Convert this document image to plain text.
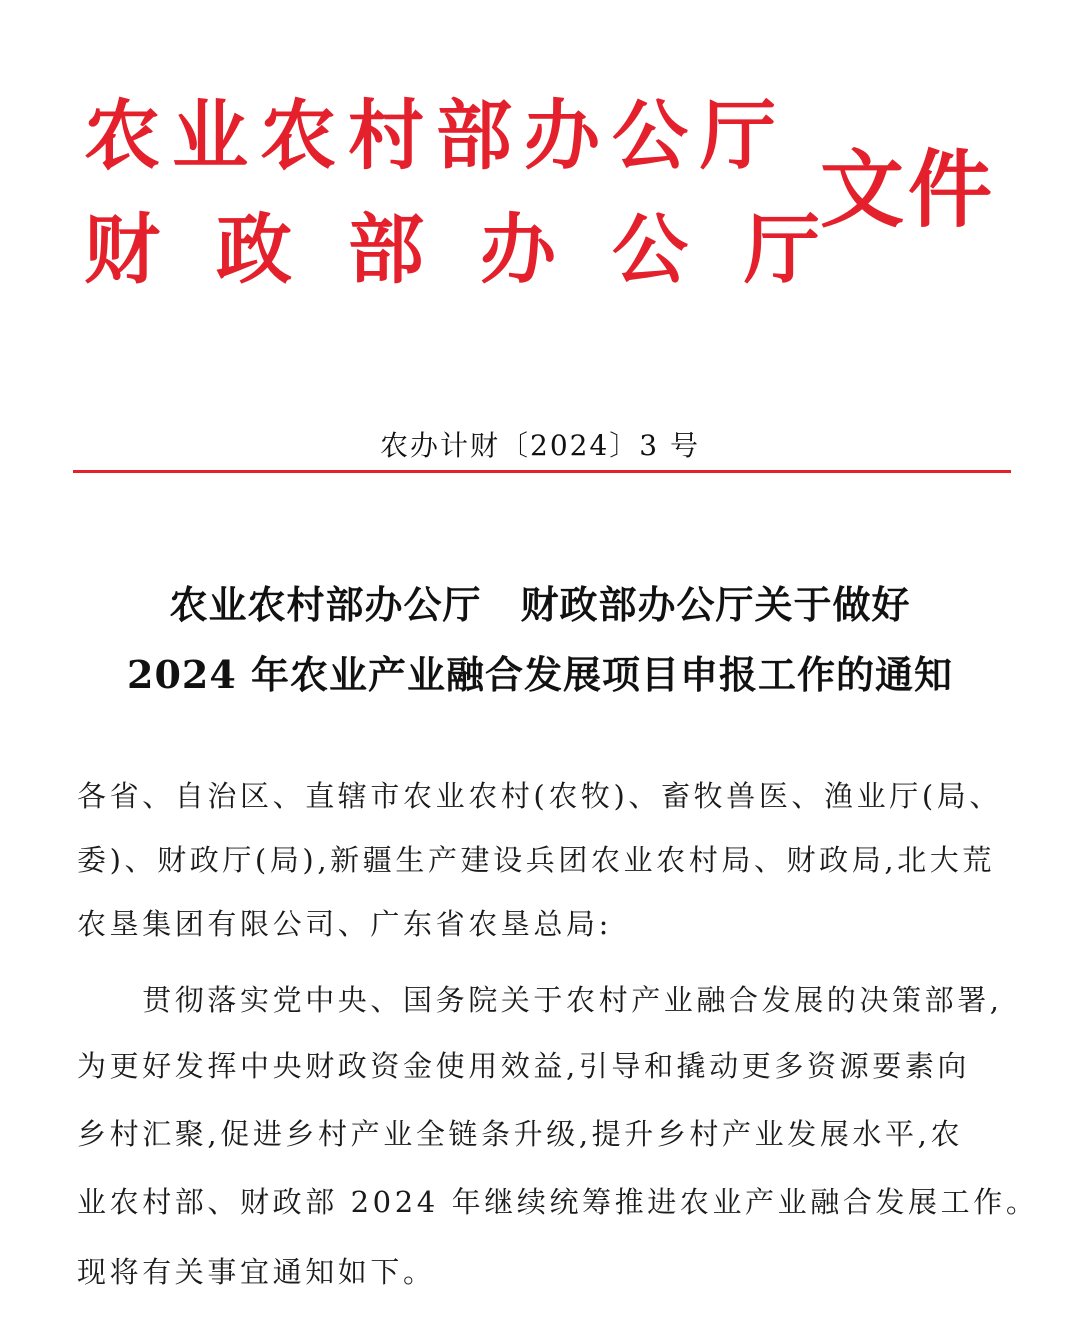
农业农村部办公厅
财政部办公厅
文件
农办计财〔2024〕3 号
农业农村部办公厅　财政部办公厅关于做好
2024 年农业产业融合发展项目申报工作的通知
各省、自治区、直辖市农业农村(农牧)、畜牧兽医、渔业厅(局、
委)、财政厅(局),新疆生产建设兵团农业农村局、财政局,北大荒
农垦集团有限公司、广东省农垦总局:
　　贯彻落实党中央、国务院关于农村产业融合发展的决策部署,
为更好发挥中央财政资金使用效益,引导和撬动更多资源要素向
乡村汇聚,促进乡村产业全链条升级,提升乡村产业发展水平,农
业农村部、财政部 2024 年继续统筹推进农业产业融合发展工作。
现将有关事宜通知如下。
